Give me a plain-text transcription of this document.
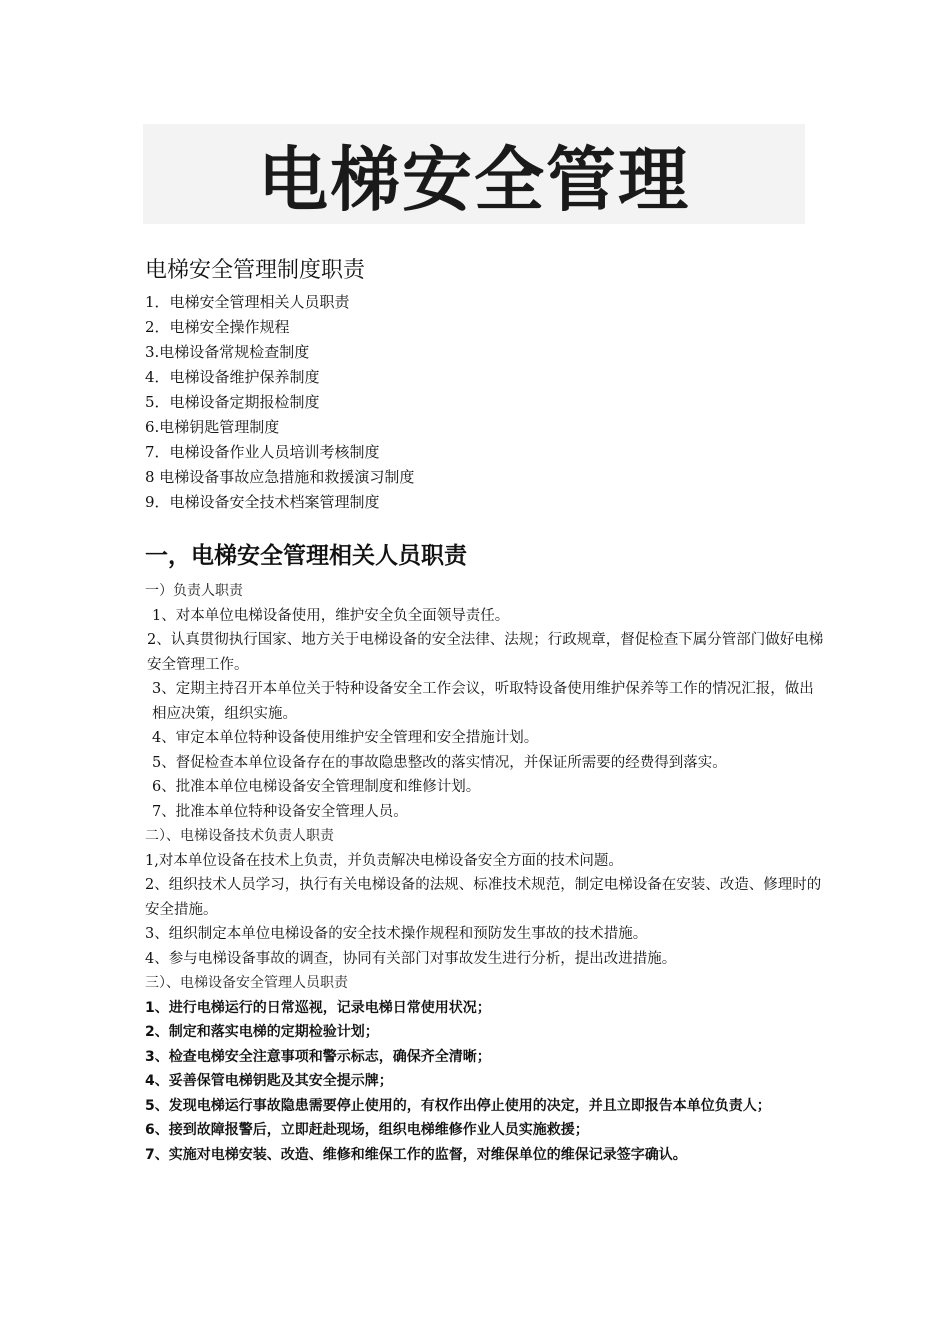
电梯安全管理

电梯安全管理制度职责

1．电梯安全管理相关人员职责

2．电梯安全操作规程

3.电梯设备常规检查制度

4．电梯设备维护保养制度

5．电梯设备定期报检制度

6.电梯钥匙管理制度

7．电梯设备作业人员培训考核制度

8 电梯设备事故应急措施和救援演习制度

9．电梯设备安全技术档案管理制度

一，电梯安全管理相关人员职责

一）负责人职责

1、对本单位电梯设备使用，维护安全负全面领导责任。

2、认真贯彻执行国家、地方关于电梯设备的安全法律、法规；行政规章，督促检查下属分管部门做好电梯安全管理工作。

3、定期主持召开本单位关于特种设备安全工作会议，听取特设备使用维护保养等工作的情况汇报，做出相应决策，组织实施。

4、审定本单位特种设备使用维护安全管理和安全措施计划。

5、督促检查本单位设备存在的事故隐患整改的落实情况，并保证所需要的经费得到落实。

6、批准本单位电梯设备安全管理制度和维修计划。

7、批准本单位特种设备安全管理人员。

二）、电梯设备技术负责人职责

1,对本单位设备在技术上负责，并负责解决电梯设备安全方面的技术问题。

2、组织技术人员学习，执行有关电梯设备的法规、标准技术规范，制定电梯设备在安装、改造、修理时的安全措施。

3、组织制定本单位电梯设备的安全技术操作规程和预防发生事故的技术措施。

4、参与电梯设备事故的调查，协同有关部门对事故发生进行分析，提出改进措施。

三）、电梯设备安全管理人员职责

1、进行电梯运行的日常巡视，记录电梯日常使用状况；

2、制定和落实电梯的定期检验计划；

3、检查电梯安全注意事项和警示标志，确保齐全清晰；

4、妥善保管电梯钥匙及其安全提示牌；

5、发现电梯运行事故隐患需要停止使用的，有权作出停止使用的决定，并且立即报告本单位负责人；

6、接到故障报警后，立即赶赴现场，组织电梯维修作业人员实施救援；

7、实施对电梯安装、改造、维修和维保工作的监督，对维保单位的维保记录签字确认。
